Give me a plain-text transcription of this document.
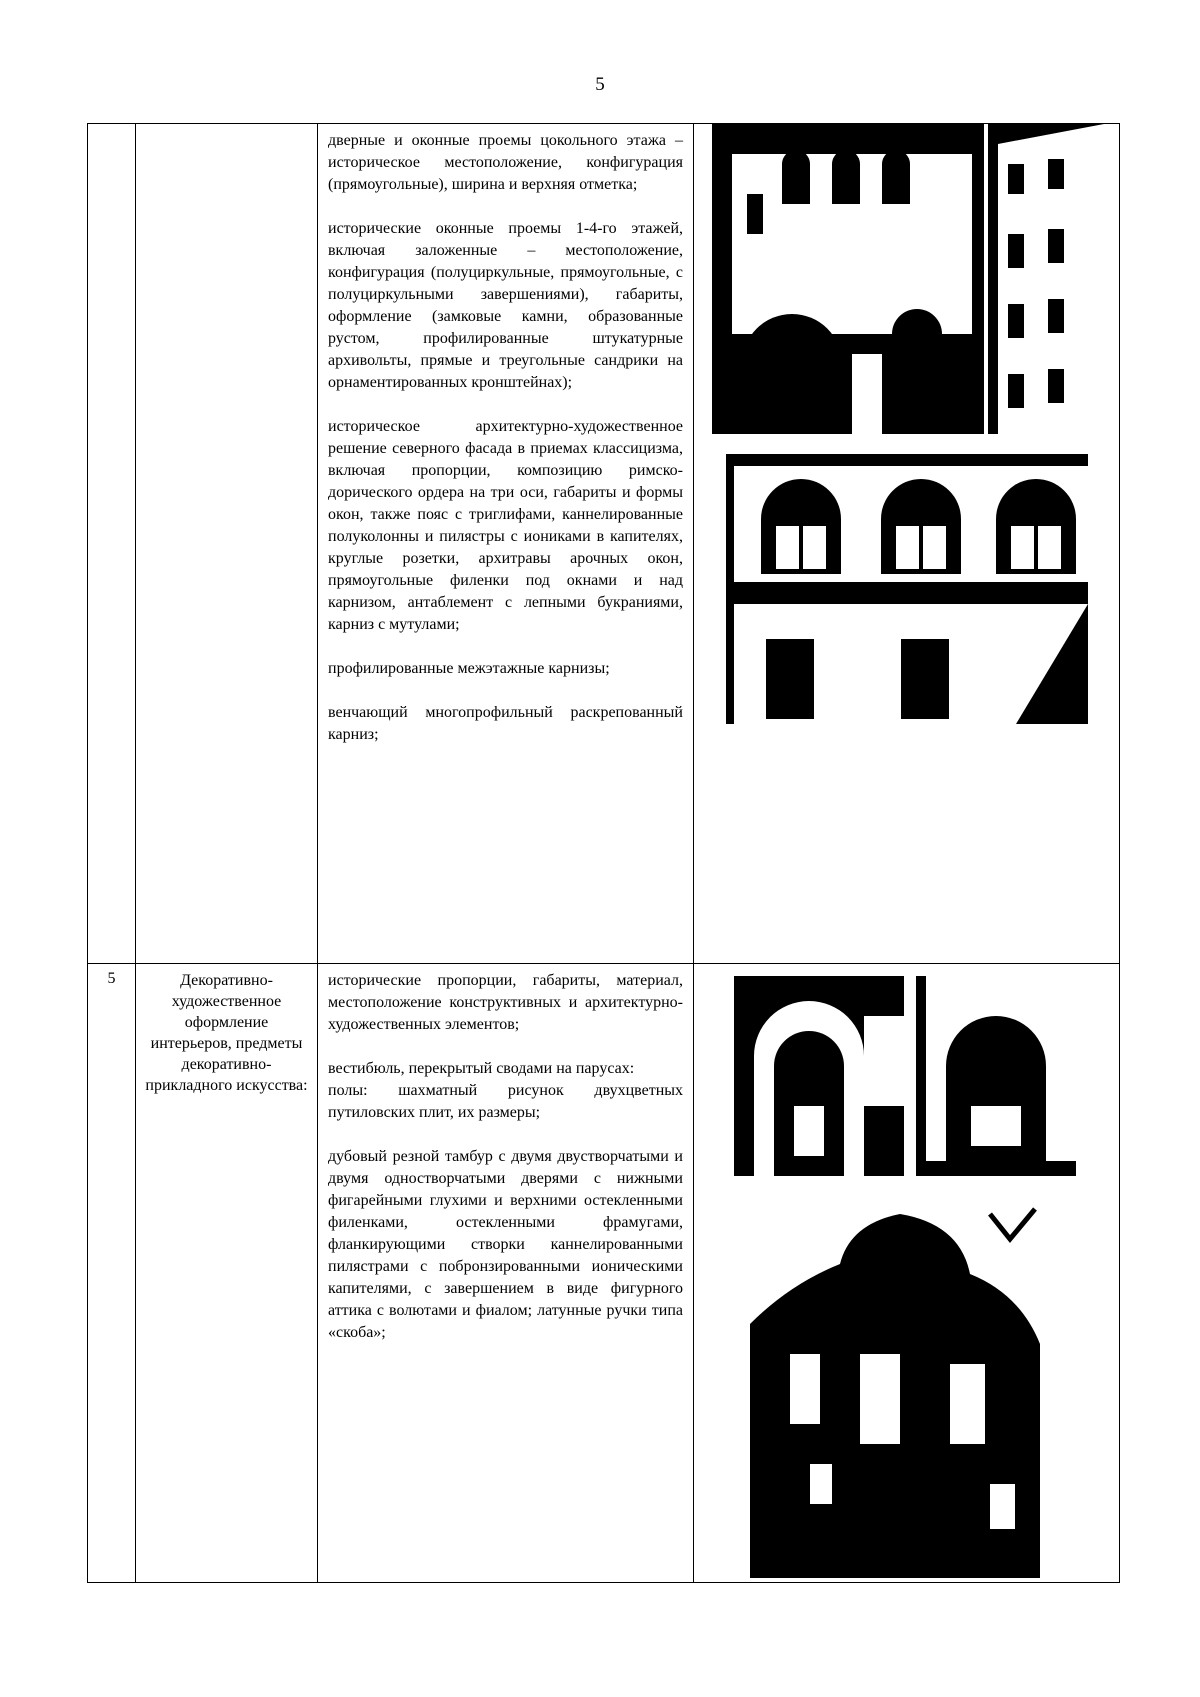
5

		дверные и оконные проемы цокольного этажа – историческое местоположение, конфигурация (прямоугольные), ширина и верхняя отметка;

исторические оконные проемы 1-4-го этажей, включая заложенные – местоположение, конфигурация (полуциркульные, прямоугольные, с полуциркульными завершениями), габариты, оформление (замковые камни, образованные рустом, профилированные штукатурные архивольты, прямые и треугольные сандрики на орнаментированных кронштейнах);

историческое архитектурно-художественное решение северного фасада в приемах классицизма, включая пропорции, композицию римско-дорического ордера на три оси, габариты и формы окон, также пояс с триглифами, каннелированные полуколонны и пилястры с иониками в капителях, круглые розетки, архитравы арочных окон, прямоугольные филенки под окнами и над карнизом, антаблемент с лепными букраниями, карниз с мутулами;

профилированные межэтажные карнизы;

венчающий многопрофильный раскрепованный карниз;

5	Декоративно-художественное оформление интерьеров, предметы декоративно-прикладного искусства:	исторические пропорции, габариты, материал, местоположение конструктивных и архитектурно-художественных элементов;

вестибюль, перекрытый сводами на парусах:

полы: шахматный рисунок двухцветных путиловских плит, их размеры;

дубовый резной тамбур с двумя двустворчатыми и двумя одностворчатыми дверями с нижными фигарейными глухими и верхними остекленными филенками, остекленными фрамугами, фланкирующими створки каннелированными пилястрами с побронзированными ионическими капителями, с завершением в виде фигурного аттика с волютами и фиалом; латунные ручки типа «скоба»;
